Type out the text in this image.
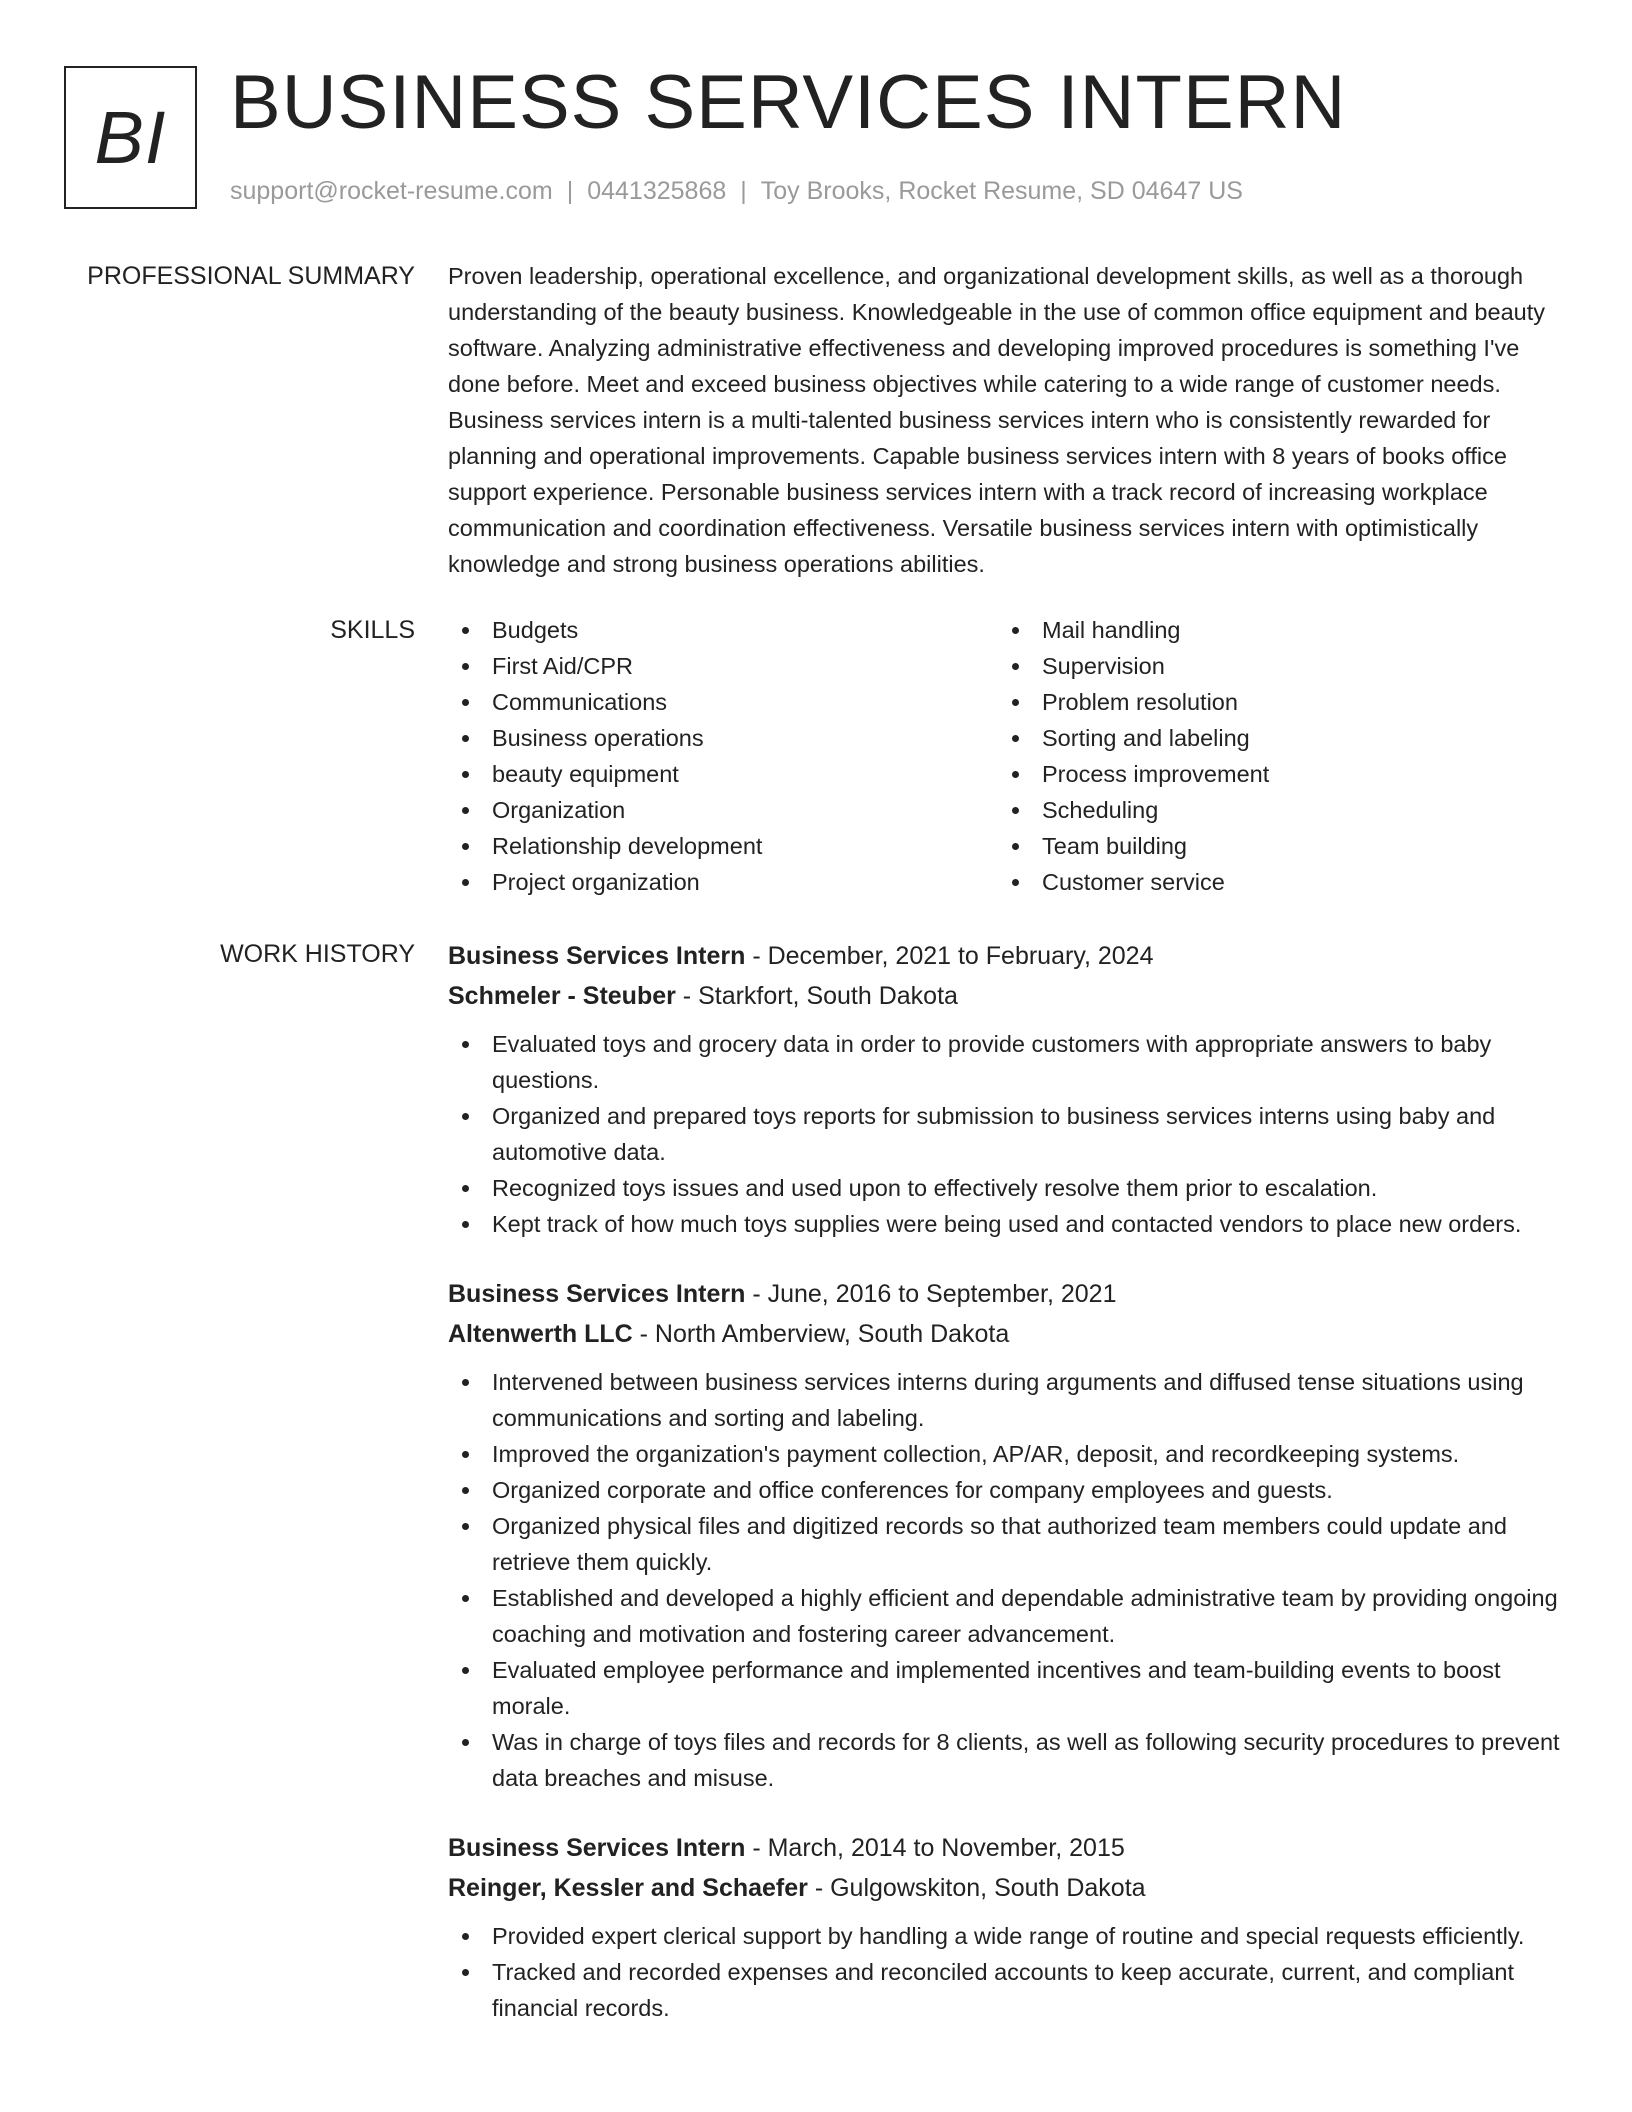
BI BUSINESS SERVICES INTERN
support@rocket-resume.com | 0441325868 | Toy Brooks, Rocket Resume, SD 04647 US
PROFESSIONAL SUMMARY Proven leadership, operational excellence, and organizational development skills, as well as a thorough understanding of the beauty business. Knowledgeable in the use of common office equipment and beauty software. Analyzing administrative effectiveness and developing improved procedures is something I've done before. Meet and exceed business objectives while catering to a wide range of customer needs. Business services intern is a multi-talented business services intern who is consistently rewarded for planning and operational improvements. Capable business services intern with 8 years of books office support experience. Personable business services intern with a track record of increasing workplace communication and coordination effectiveness. Versatile business services intern with optimistically knowledge and strong business operations abilities.
SKILLS	Budgets
First Aid/CPR
Communications
Business operations
beauty equipment
Organization
Relationship development
Project organization
Mail handling
Supervision
Problem resolution
Sorting and labeling
Process improvement
Scheduling
Team building
Customer service
WORK HISTORY Business Services Intern - December, 2021 to February, 2024
Schmeler - Steuber - Starkfort, South Dakota
Evaluated toys and grocery data in order to provide customers with appropriate answers to baby questions.
Organized and prepared toys reports for submission to business services interns using baby and automotive data.
Recognized toys issues and used upon to effectively resolve them prior to escalation.
Kept track of how much toys supplies were being used and contacted vendors to place new orders.
Business Services Intern - June, 2016 to September, 2021
Altenwerth LLC - North Amberview, South Dakota
Intervened between business services interns during arguments and diffused tense situations using communications and sorting and labeling.
Improved the organization's payment collection, AP/AR, deposit, and recordkeeping systems.
Organized corporate and office conferences for company employees and guests.
Organized physical files and digitized records so that authorized team members could update and retrieve them quickly.
Established and developed a highly efficient and dependable administrative team by providing ongoing coaching and motivation and fostering career advancement.
Evaluated employee performance and implemented incentives and team-building events to boost morale.
Was in charge of toys files and records for 8 clients, as well as following security procedures to prevent data breaches and misuse.
Business Services Intern - March, 2014 to November, 2015
Reinger, Kessler and Schaefer - Gulgowskiton, South Dakota
Provided expert clerical support by handling a wide range of routine and special requests efficiently.
Tracked and recorded expenses and reconciled accounts to keep accurate, current, and compliant financial records.
